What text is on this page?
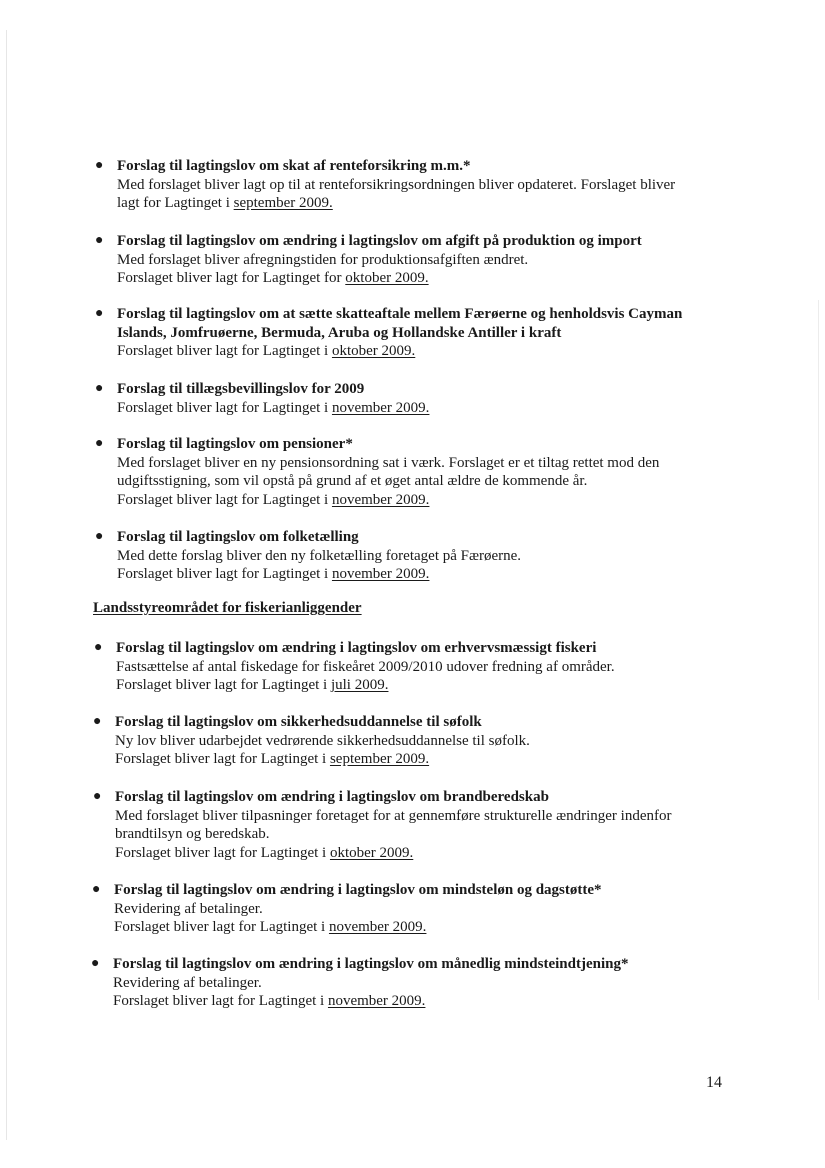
● Forslag til lagtingslov om skat af renteforsikring m.m.*
Med forslaget bliver lagt op til at renteforsikringsordningen bliver opdateret. Forslaget bliver
lagt for Lagtinget i september 2009.
● Forslag til lagtingslov om ændring i lagtingslov om afgift på produktion og import
Med forslaget bliver afregningstiden for produktionsafgiften ændret.
Forslaget bliver lagt for Lagtinget for oktober 2009.
● Forslag til lagtingslov om at sætte skatteaftale mellem Færøerne og henholdsvis Cayman
Islands, Jomfruøerne, Bermuda, Aruba og Hollandske Antiller i kraft
Forslaget bliver lagt for Lagtinget i oktober 2009.
● Forslag til tillægsbevillingslov for 2009
Forslaget bliver lagt for Lagtinget i november 2009.
● Forslag til lagtingslov om pensioner*
Med forslaget bliver en ny pensionsordning sat i værk. Forslaget er et tiltag rettet mod den
udgiftsstigning, som vil opstå på grund af et øget antal ældre de kommende år.
Forslaget bliver lagt for Lagtinget i november 2009.
● Forslag til lagtingslov om folketælling
Med dette forslag bliver den ny folketælling foretaget på Færøerne.
Forslaget bliver lagt for Lagtinget i november 2009.
Landsstyreområdet for fiskerianliggender
● Forslag til lagtingslov om ændring i lagtingslov om erhvervsmæssigt fiskeri
Fastsættelse af antal fiskedage for fiskeåret 2009/2010 udover fredning af områder.
Forslaget bliver lagt for Lagtinget i juli 2009.
● Forslag til lagtingslov om sikkerhedsuddannelse til søfolk
Ny lov bliver udarbejdet vedrørende sikkerhedsuddannelse til søfolk.
Forslaget bliver lagt for Lagtinget i september 2009.
● Forslag til lagtingslov om ændring i lagtingslov om brandberedskab
Med forslaget bliver tilpasninger foretaget for at gennemføre strukturelle ændringer indenfor
brandtilsyn og beredskab.
Forslaget bliver lagt for Lagtinget i oktober 2009.
● Forslag til lagtingslov om ændring i lagtingslov om mindsteløn og dagstøtte*
Revidering af betalinger.
Forslaget bliver lagt for Lagtinget i november 2009.
● Forslag til lagtingslov om ændring i lagtingslov om månedlig mindsteindtjening*
Revidering af betalinger.
Forslaget bliver lagt for Lagtinget i november 2009.
14
